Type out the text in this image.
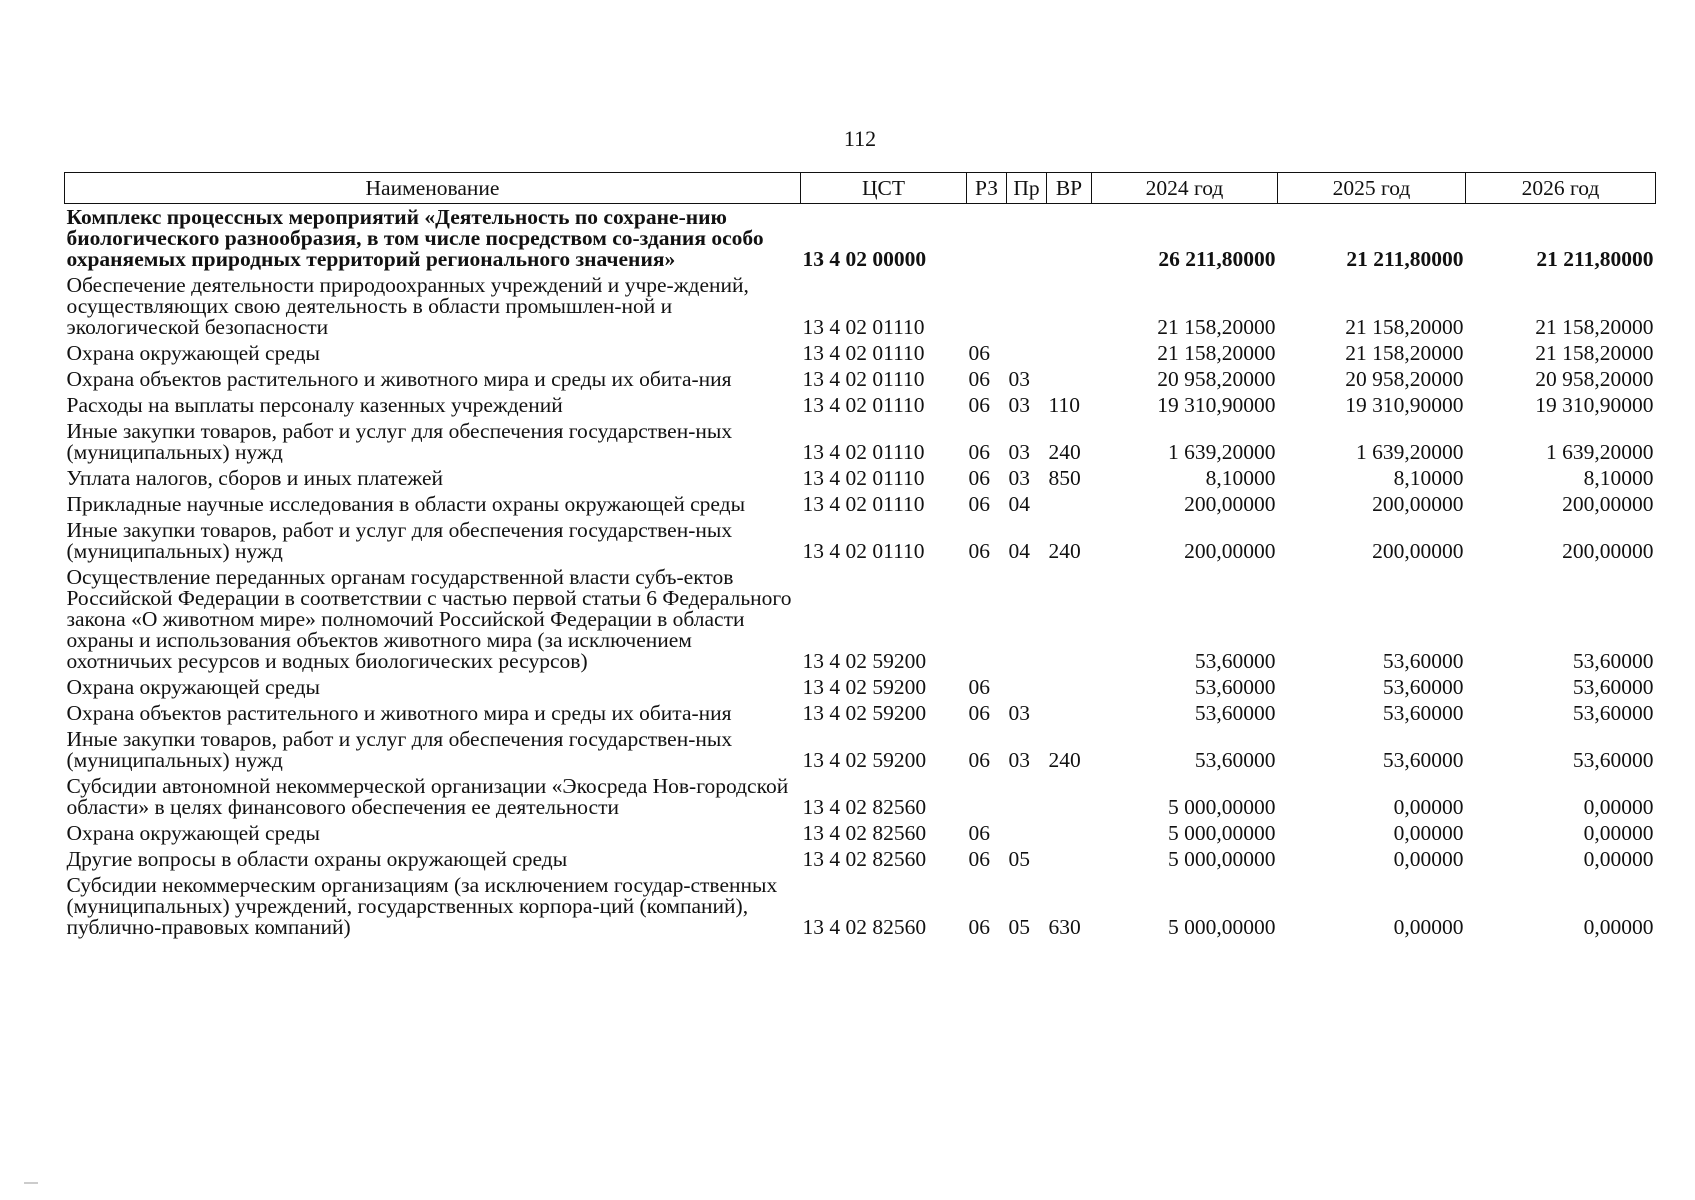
112
Наименование	ЦСТ	РЗ	Пр	ВР	2024 год	2025 год	2026 год
Комплекс процессных мероприятий «Деятельность по сохране-нию биологического разнообразия, в том числе посредством со-здания особо охраняемых природных территорий регионального значения»	13 4 02 00000				26 211,80000	21 211,80000	21 211,80000
Обеспечение деятельности природоохранных учреждений и учре-ждений, осуществляющих свою деятельность в области промышлен-ной и экологической безопасности	13 4 02 01110				21 158,20000	21 158,20000	21 158,20000
Охрана окружающей среды	13 4 02 01110	06			21 158,20000	21 158,20000	21 158,20000
Охрана объектов растительного и животного мира и среды их обита-ния	13 4 02 01110	06	03		20 958,20000	20 958,20000	20 958,20000
Расходы на выплаты персоналу казенных учреждений	13 4 02 01110	06	03	110	19 310,90000	19 310,90000	19 310,90000
Иные закупки товаров, работ и услуг для обеспечения государствен-ных (муниципальных) нужд	13 4 02 01110	06	03	240	1 639,20000	1 639,20000	1 639,20000
Уплата налогов, сборов и иных платежей	13 4 02 01110	06	03	850	8,10000	8,10000	8,10000
Прикладные научные исследования в области охраны окружающей среды	13 4 02 01110	06	04		200,00000	200,00000	200,00000
Иные закупки товаров, работ и услуг для обеспечения государствен-ных (муниципальных) нужд	13 4 02 01110	06	04	240	200,00000	200,00000	200,00000
Осуществление переданных органам государственной власти субъ-ектов Российской Федерации в соответствии с частью первой статьи 6 Федерального закона «О животном мире» полномочий Российской Федерации в области охраны и использования объектов животного мира (за исключением охотничьих ресурсов и водных биологических ресурсов)	13 4 02 59200				53,60000	53,60000	53,60000
Охрана окружающей среды	13 4 02 59200	06			53,60000	53,60000	53,60000
Охрана объектов растительного и животного мира и среды их обита-ния	13 4 02 59200	06	03		53,60000	53,60000	53,60000
Иные закупки товаров, работ и услуг для обеспечения государствен-ных (муниципальных) нужд	13 4 02 59200	06	03	240	53,60000	53,60000	53,60000
Субсидии автономной некоммерческой организации «Экосреда Нов-городской области» в целях финансового обеспечения ее деятельности	13 4 02 82560				5 000,00000	0,00000	0,00000
Охрана окружающей среды	13 4 02 82560	06			5 000,00000	0,00000	0,00000
Другие вопросы в области охраны окружающей среды	13 4 02 82560	06	05		5 000,00000	0,00000	0,00000
Субсидии некоммерческим организациям (за исключением государ-ственных (муниципальных) учреждений, государственных корпора-ций (компаний), публично-правовых компаний)	13 4 02 82560	06	05	630	5 000,00000	0,00000	0,00000
